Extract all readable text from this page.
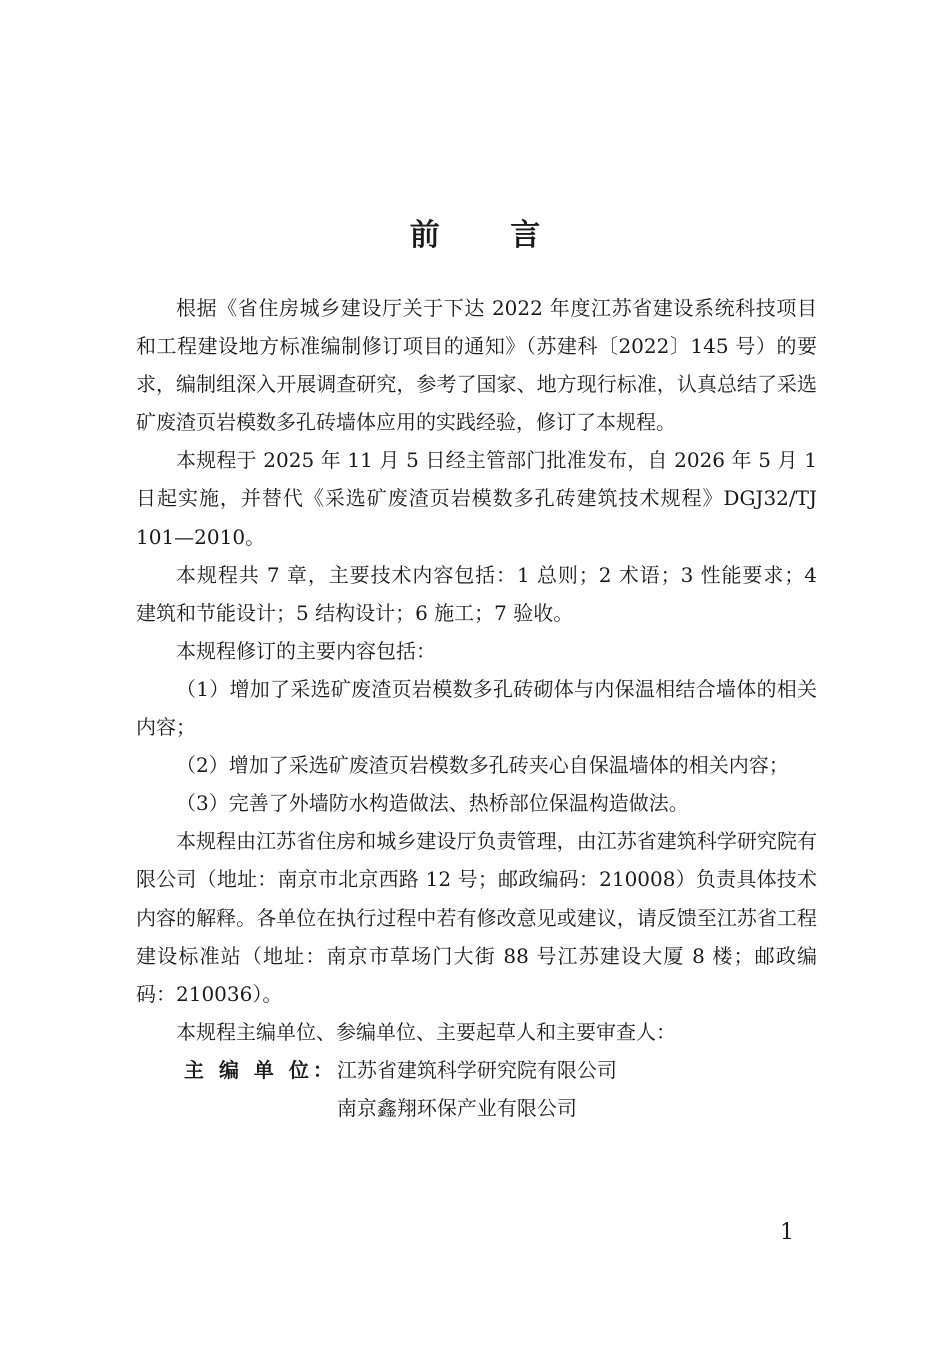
前 言

根据《省住房城乡建设厅关于下达 2022 年度江苏省建设系统科技项目和工程建设地方标准编制修订项目的通知》（苏建科〔2022〕145 号）的要求，编制组深入开展调查研究，参考了国家、地方现行标准，认真总结了采选矿废渣页岩模数多孔砖墙体应用的实践经验，修订了本规程。

本规程于 2025 年 11 月 5 日经主管部门批准发布，自 2026 年 5 月 1 日起实施，并替代《采选矿废渣页岩模数多孔砖建筑技术规程》DGJ32/TJ 101—2010。

本规程共 7 章，主要技术内容包括：1 总则；2 术语；3 性能要求；4 建筑和节能设计；5 结构设计；6 施工；7 验收。

本规程修订的主要内容包括：

（1）增加了采选矿废渣页岩模数多孔砖砌体与内保温相结合墙体的相关内容；

（2）增加了采选矿废渣页岩模数多孔砖夹心自保温墙体的相关内容；

（3）完善了外墙防水构造做法、热桥部位保温构造做法。

本规程由江苏省住房和城乡建设厅负责管理，由江苏省建筑科学研究院有限公司（地址：南京市北京西路 12 号；邮政编码：210008）负责具体技术内容的解释。各单位在执行过程中若有修改意见或建议，请反馈至江苏省工程建设标准站（地址：南京市草场门大街 88 号江苏建设大厦 8 楼；邮政编码：210036）。

本规程主编单位、参编单位、主要起草人和主要审查人：

主 编 单 位： 江苏省建筑科学研究院有限公司
南京鑫翔环保产业有限公司
1
